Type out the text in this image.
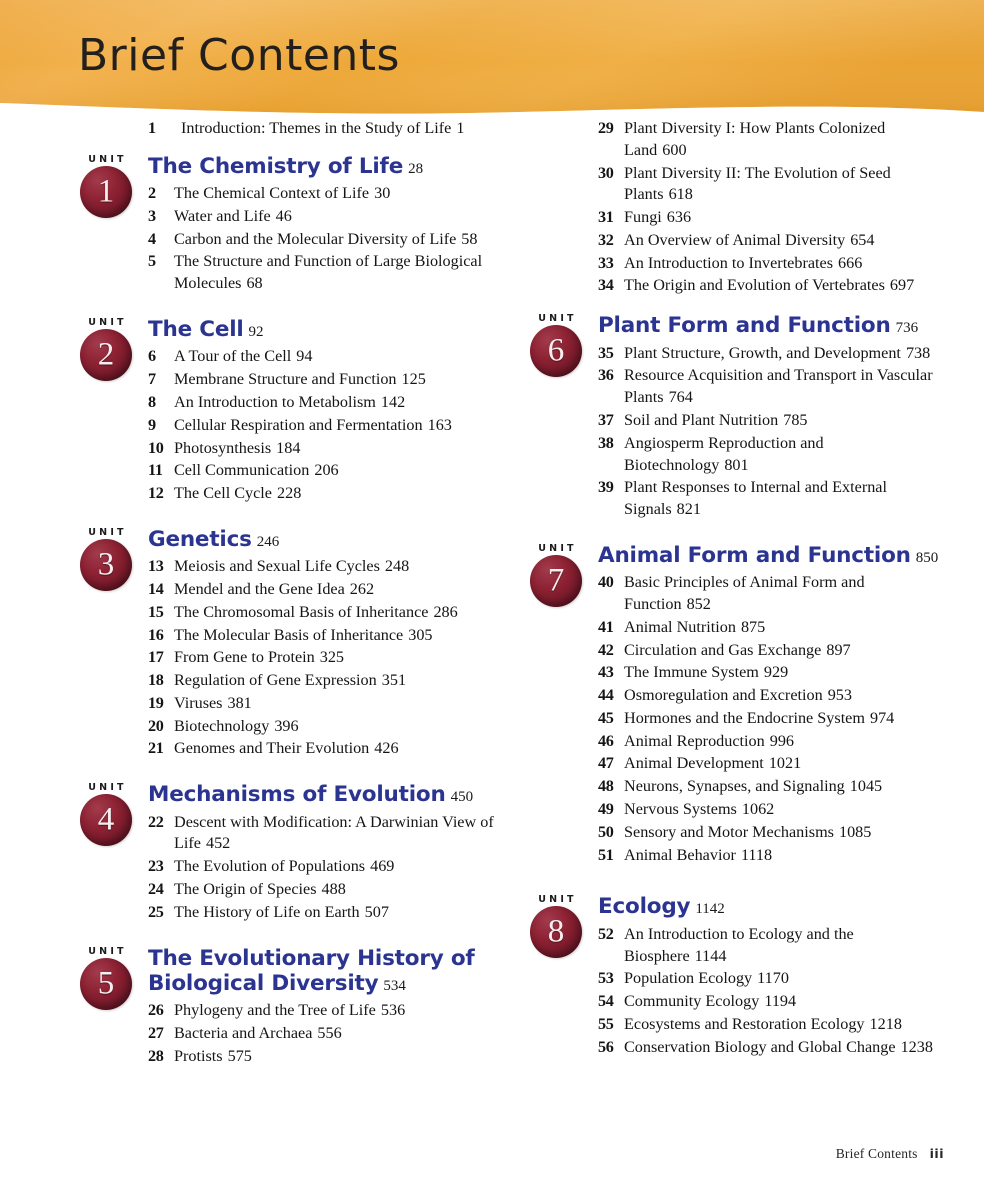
Brief Contents
1	Introduction: Themes in the Study of Life 1
UNIT
1
The Chemistry of Life 28
2	The Chemical Context of Life 30
3	Water and Life 46
4	Carbon and the Molecular Diversity of Life 58
5	The Structure and Function of Large Biological Molecules 68
UNIT
2
The Cell 92
6	A Tour of the Cell 94
7	Membrane Structure and Function 125
8	An Introduction to Metabolism 142
9	Cellular Respiration and Fermentation 163
10 Photosynthesis 184
11 Cell Communication 206
12 The Cell Cycle 228
UNIT
3
Genetics 246
13 Meiosis and Sexual Life Cycles 248
14 Mendel and the Gene Idea 262
15 The Chromosomal Basis of Inheritance 286
16 The Molecular Basis of Inheritance 305
17 From Gene to Protein 325
18 Regulation of Gene Expression 351
19 Viruses 381
20 Biotechnology 396
21 Genomes and Their Evolution 426
UNIT
4
Mechanisms of Evolution 450
22 Descent with Modification: A Darwinian View of Life 452
23 The Evolution of Populations 469
24 The Origin of Species 488
25 The History of Life on Earth 507
UNIT
5
The Evolutionary History of Biological Diversity 534
26 Phylogeny and the Tree of Life 536
27 Bacteria and Archaea 556
28 Protists 575
29 Plant Diversity I: How Plants Colonized Land 600
30 Plant Diversity II: The Evolution of Seed Plants 618
31 Fungi 636
32 An Overview of Animal Diversity 654
33 An Introduction to Invertebrates 666
34 The Origin and Evolution of Vertebrates 697
UNIT
6
Plant Form and Function 736
35 Plant Structure, Growth, and Development 738
36 Resource Acquisition and Transport in Vascular Plants 764
37 Soil and Plant Nutrition 785
38 Angiosperm Reproduction and Biotechnology 801
39 Plant Responses to Internal and External Signals 821
UNIT
7
Animal Form and Function 850
40 Basic Principles of Animal Form and Function 852
41 Animal Nutrition 875
42 Circulation and Gas Exchange 897
43 The Immune System 929
44 Osmoregulation and Excretion 953
45 Hormones and the Endocrine System 974
46 Animal Reproduction 996
47 Animal Development 1021
48 Neurons, Synapses, and Signaling 1045
49 Nervous Systems 1062
50 Sensory and Motor Mechanisms 1085
51 Animal Behavior 1118
UNIT
8
Ecology 1142
52 An Introduction to Ecology and the Biosphere 1144
53 Population Ecology 1170
54 Community Ecology 1194
55 Ecosystems and Restoration Ecology 1218
56 Conservation Biology and Global Change 1238
Brief Contents iii
